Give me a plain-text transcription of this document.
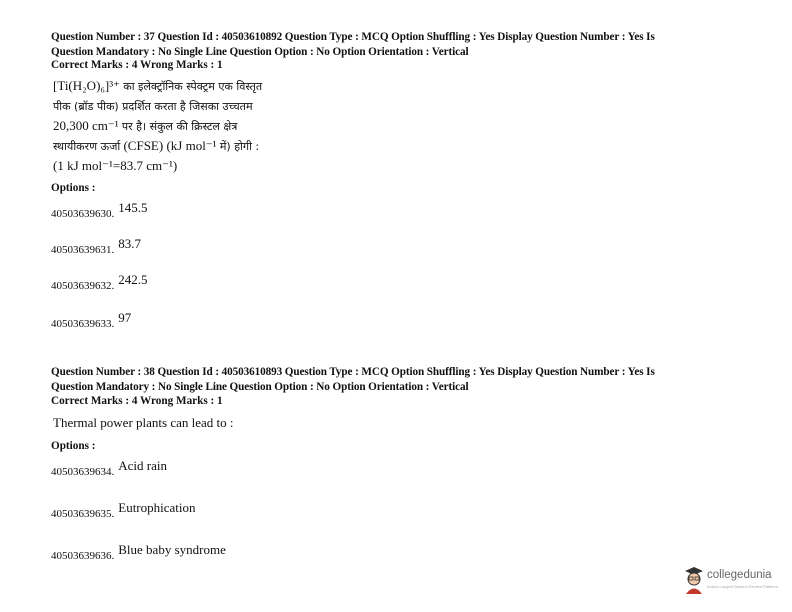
Question Number : 37 Question Id : 40503610892 Question Type : MCQ Option Shuffling : Yes Display Question Number : Yes Is
Question Mandatory : No Single Line Question Option : No Option Orientation : Vertical
Correct Marks : 4 Wrong Marks : 1
[Ti(H₂O)₆]³⁺ का इलेक्ट्रॉनिक स्पेक्ट्रम एक विस्तृत
पीक (ब्रॉड पीक) प्रदर्शित करता है जिसका उच्चतम
20,300 cm⁻¹ पर है। संकुल की क्रिस्टल क्षेत्र
स्थायीकरण ऊर्जा (CFSE) (kJ mol⁻¹ में) होगी :
(1 kJ mol⁻¹=83.7 cm⁻¹)
Options :
40503639630. $^{145.5}$
40503639631. $^{83.7}$
40503639632. $^{242.5}$
40503639633. $^{97}$
Question Number : 38 Question Id : 40503610893 Question Type : MCQ Option Shuffling : Yes Display Question Number : Yes Is
Question Mandatory : No Single Line Question Option : No Option Orientation : Vertical
Correct Marks : 4 Wrong Marks : 1
Thermal power plants can lead to :
Options :
40503639634. $^{Acid rain}$
40503639635. $^{Eutrophication}$
40503639636. $^{Blue baby syndrome}$
collegedunia
India's Largest Student Review Platform
